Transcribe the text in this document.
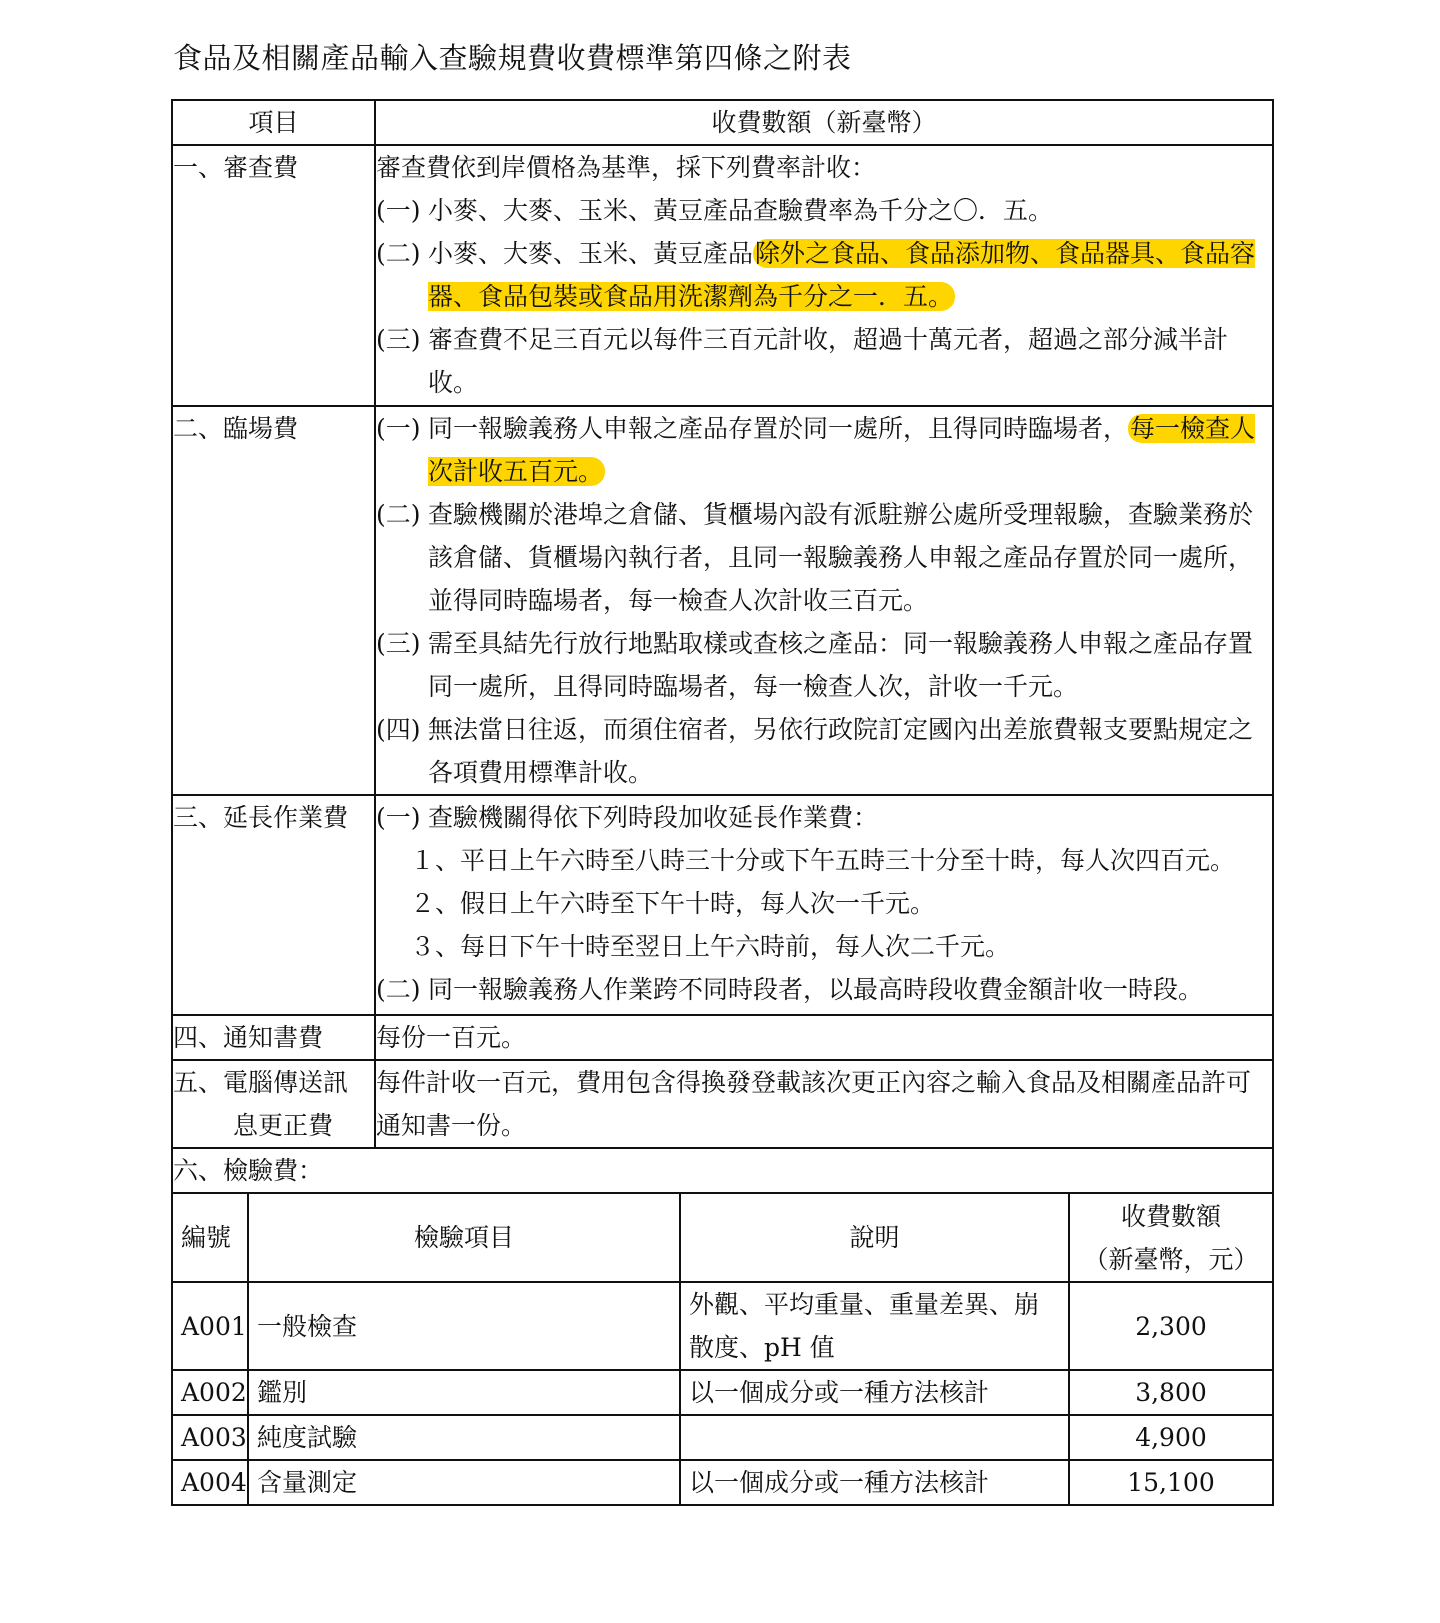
食品及相關產品輸入查驗規費收費標準第四條之附表
項目	收費數額（新臺幣）
一、審查費	審查費依到岸價格為基準，採下列費率計收：
(一) 小麥、大麥、玉米、黃豆產品查驗費率為千分之〇．五。
(二) 小麥、大麥、玉米、黃豆產品除外之食品、食品添加物、食品器具、食品容器、食品包裝或食品用洗潔劑為千分之一．五。
(三) 審查費不足三百元以每件三百元計收，超過十萬元者，超過之部分減半計收。

二、臨場費	(一) 同一報驗義務人申報之產品存置於同一處所，且得同時臨場者，每一檢查人次計收五百元。
(二) 查驗機關於港埠之倉儲、貨櫃場內設有派駐辦公處所受理報驗，查驗業務於該倉儲、貨櫃場內執行者，且同一報驗義務人申報之產品存置於同一處所，並得同時臨場者，每一檢查人次計收三百元。
(三) 需至具結先行放行地點取樣或查核之產品：同一報驗義務人申報之產品存置同一處所，且得同時臨場者，每一檢查人次，計收一千元。
(四) 無法當日往返，而須住宿者，另依行政院訂定國內出差旅費報支要點規定之各項費用標準計收。

三、延長作業費	(一) 查驗機關得依下列時段加收延長作業費：
１、平日上午六時至八時三十分或下午五時三十分至十時，每人次四百元。
２、假日上午六時至下午十時，每人次一千元。
３、每日下午十時至翌日上午六時前，每人次二千元。
(二) 同一報驗義務人作業跨不同時段者，以最高時段收費金額計收一時段。

四、通知書費	每份一百元。

五、電腦傳送訊
息更正費
	每件計收一百元，費用包含得換發登載該次更正內容之輸入食品及相關產品許可通知書一份。
六、檢驗費：

編號	檢驗項目	說明	
收費數額
（新臺幣，元）

A001	一般檢查	外觀、平均重量、重量差異、崩散度、pH 值	2,300
A002	鑑別	以一個成分或一種方法核計	3,800
A003	純度試驗		4,900
A004	含量測定	以一個成分或一種方法核計	15,100
